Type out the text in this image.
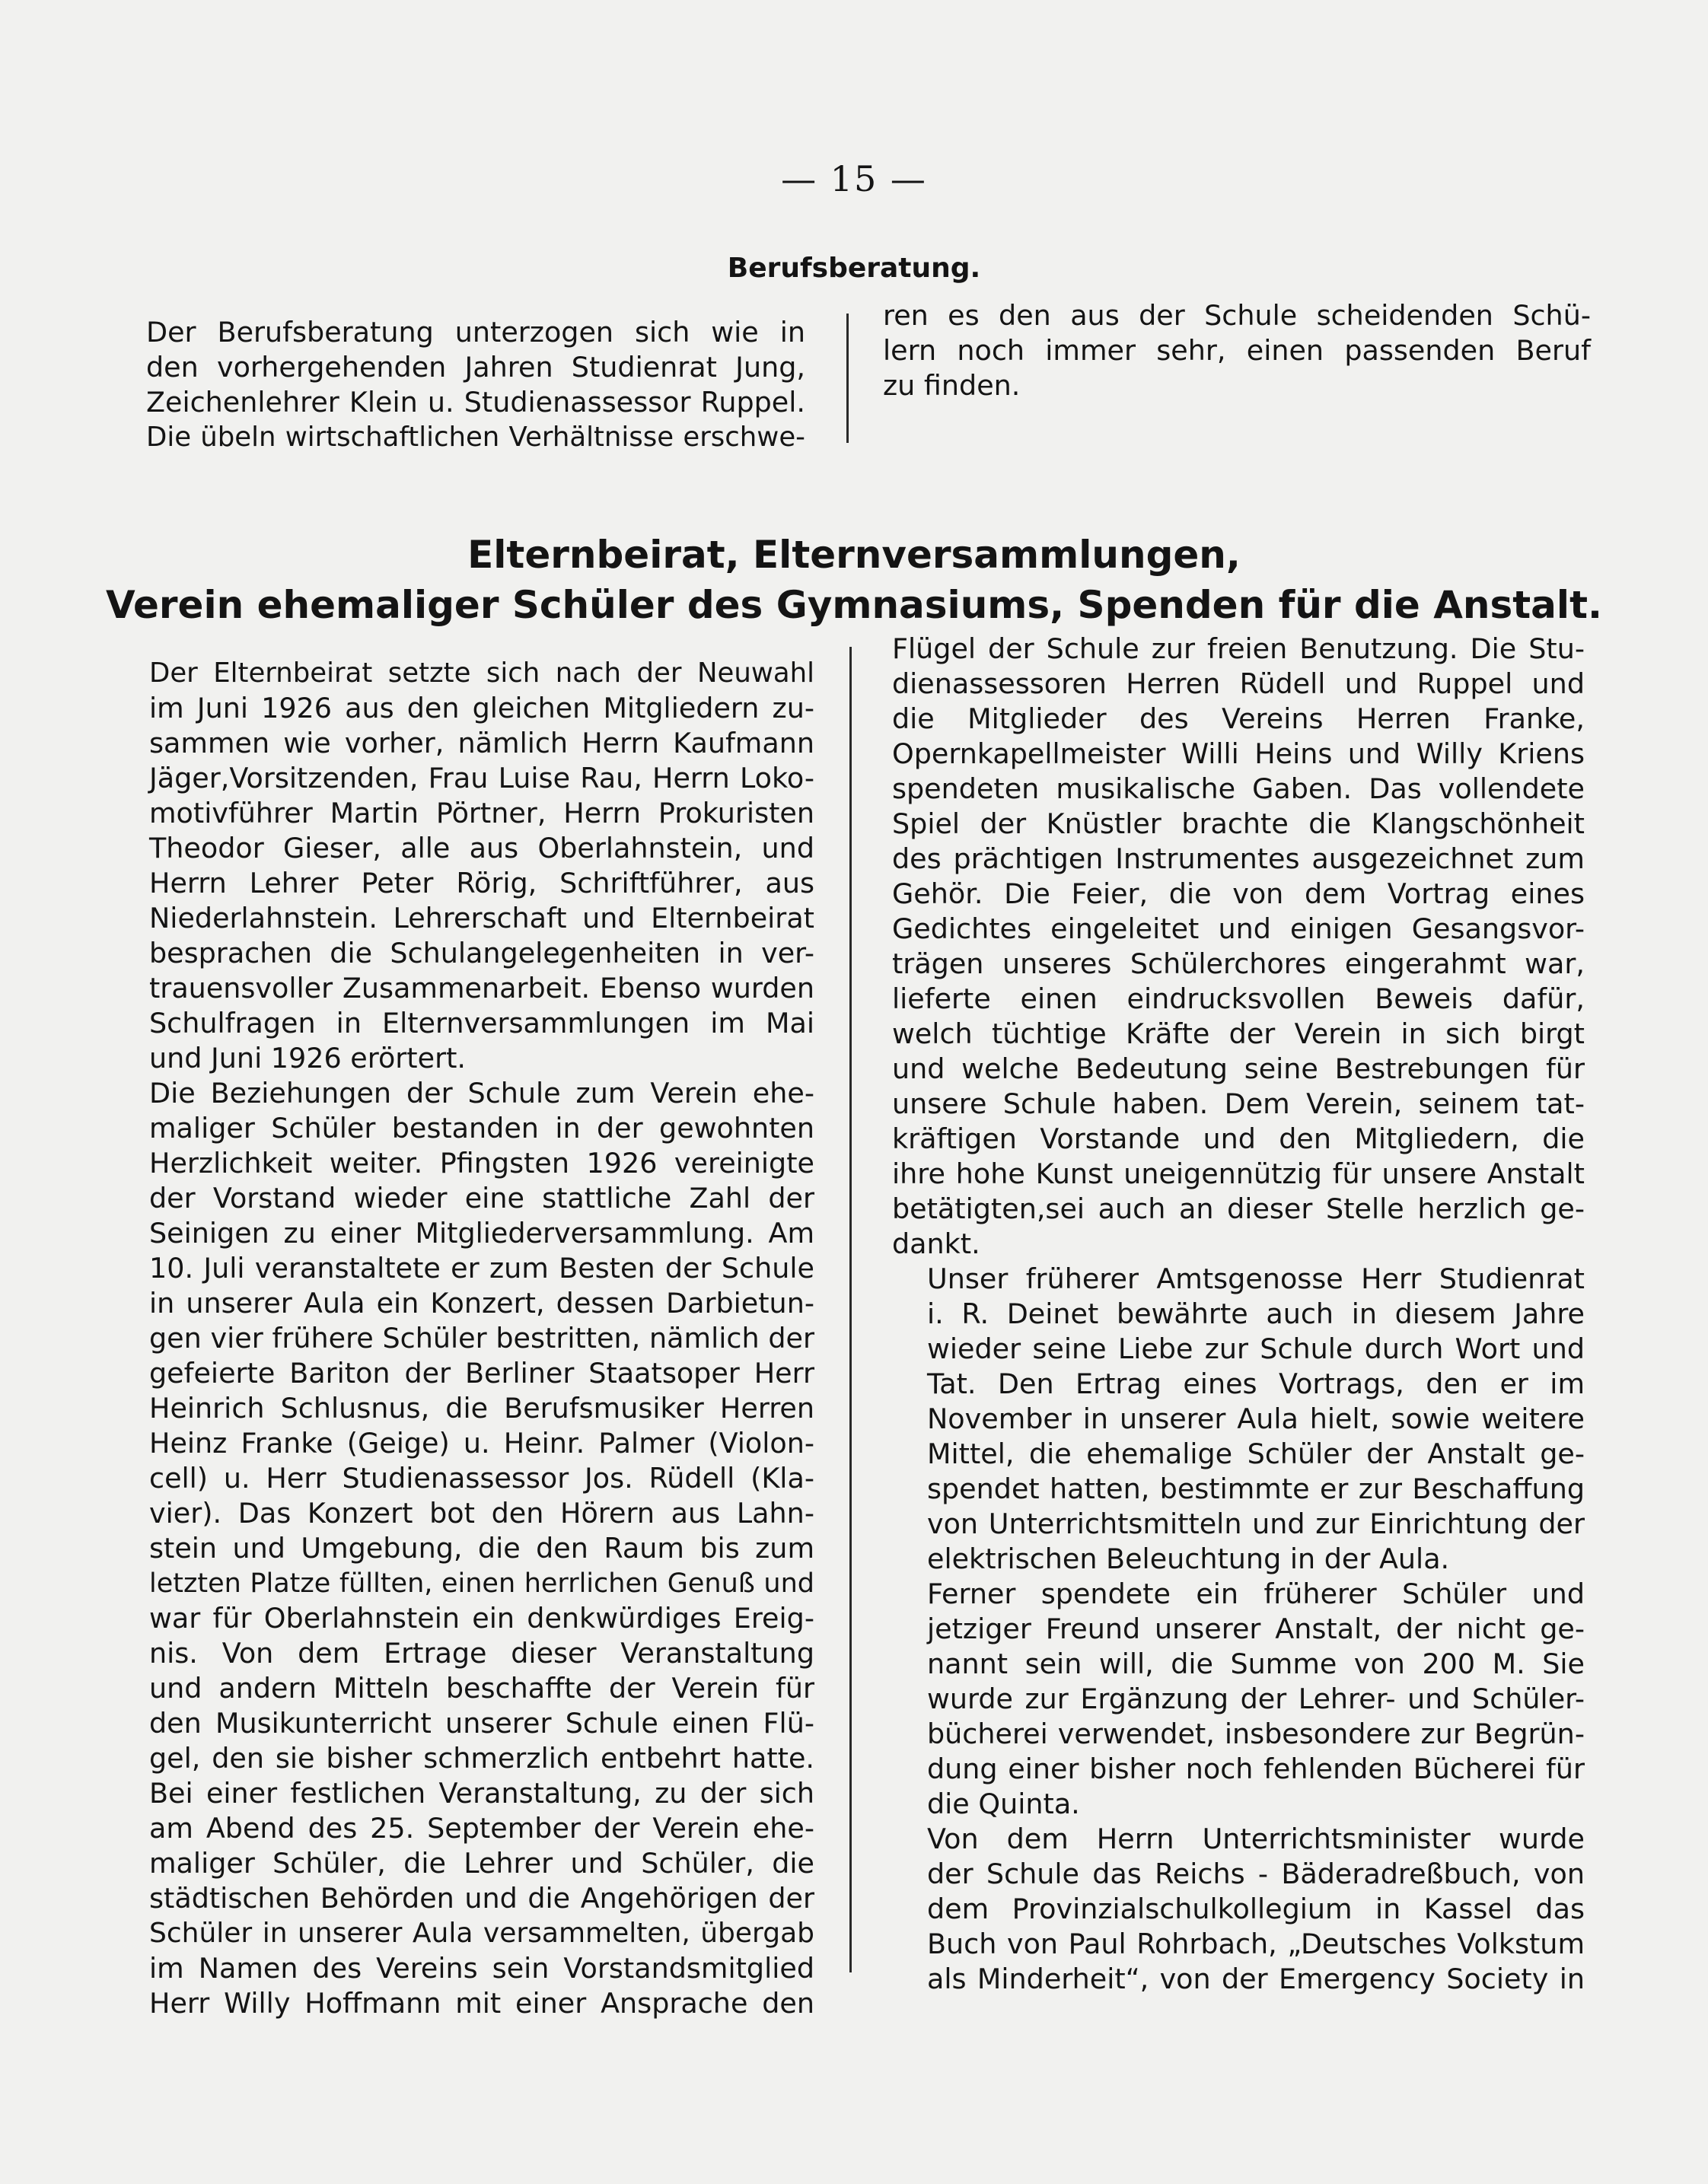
— 15 —
Berufsberatung.

Der Berufsberatung unterzogen sich wie in
den vorhergehenden Jahren Studienrat Jung,
Zeichenlehrer Klein u. Studienassessor Ruppel.
Die übeln wirtschaftlichen Verhältnisse erschwe-

ren es den aus der Schule scheidenden Schü-
lern noch immer sehr, einen passenden Beruf
zu finden.

Elternbeirat, Elternversammlungen,
Verein ehemaliger Schüler des Gymnasiums, Spenden für die Anstalt.

Der Elternbeirat setzte sich nach der Neuwahl
im Juni 1926 aus den gleichen Mitgliedern zu-
sammen wie vorher, nämlich Herrn Kaufmann
Jäger,Vorsitzenden, Frau Luise Rau, Herrn Loko-
motivführer Martin Pörtner, Herrn Prokuristen
Theodor Gieser, alle aus Oberlahnstein, und
Herrn Lehrer Peter Rörig, Schriftführer, aus
Niederlahnstein. Lehrerschaft und Elternbeirat
besprachen die Schulangelegenheiten in ver-
trauensvoller Zusammenarbeit. Ebenso wurden
Schulfragen in Elternversammlungen im Mai
und Juni 1926 erörtert.

Die Beziehungen der Schule zum Verein ehe-
maliger Schüler bestanden in der gewohnten
Herzlichkeit weiter. Pfingsten 1926 vereinigte
der Vorstand wieder eine stattliche Zahl der
Seinigen zu einer Mitgliederversammlung. Am
10. Juli veranstaltete er zum Besten der Schule
in unserer Aula ein Konzert, dessen Darbietun-
gen vier frühere Schüler bestritten, nämlich der
gefeierte Bariton der Berliner Staatsoper Herr
Heinrich Schlusnus, die Berufsmusiker Herren
Heinz Franke (Geige) u. Heinr. Palmer (Violon-
cell) u. Herr Studienassessor Jos. Rüdell (Kla-
vier). Das Konzert bot den Hörern aus Lahn-
stein und Umgebung, die den Raum bis zum
letzten Platze füllten, einen herrlichen Genuß und
war für Oberlahnstein ein denkwürdiges Ereig-
nis. Von dem Ertrage dieser Veranstaltung
und andern Mitteln beschaffte der Verein für
den Musikunterricht unserer Schule einen Flü-
gel, den sie bisher schmerzlich entbehrt hatte.
Bei einer festlichen Veranstaltung, zu der sich
am Abend des 25. September der Verein ehe-
maliger Schüler, die Lehrer und Schüler, die
städtischen Behörden und die Angehörigen der
Schüler in unserer Aula versammelten, übergab
im Namen des Vereins sein Vorstandsmitglied
Herr Willy Hoffmann mit einer Ansprache den

Flügel der Schule zur freien Benutzung. Die Stu-
dienassessoren Herren Rüdell und Ruppel und
die Mitglieder des Vereins Herren Franke,
Opernkapellmeister Willi Heins und Willy Kriens
spendeten musikalische Gaben. Das vollendete
Spiel der Knüstler brachte die Klangschönheit
des prächtigen Instrumentes ausgezeichnet zum
Gehör. Die Feier, die von dem Vortrag eines
Gedichtes eingeleitet und einigen Gesangsvor-
trägen unseres Schülerchores eingerahmt war,
lieferte einen eindrucksvollen Beweis dafür,
welch tüchtige Kräfte der Verein in sich birgt
und welche Bedeutung seine Bestrebungen für
unsere Schule haben. Dem Verein, seinem tat-
kräftigen Vorstande und den Mitgliedern, die
ihre hohe Kunst uneigennützig für unsere Anstalt
betätigten,sei auch an dieser Stelle herzlich ge-
dankt.

Unser früherer Amtsgenosse Herr Studienrat
i. R. Deinet bewährte auch in diesem Jahre
wieder seine Liebe zur Schule durch Wort und
Tat. Den Ertrag eines Vortrags, den er im
November in unserer Aula hielt, sowie weitere
Mittel, die ehemalige Schüler der Anstalt ge-
spendet hatten, bestimmte er zur Beschaffung
von Unterrichtsmitteln und zur Einrichtung der
elektrischen Beleuchtung in der Aula.

Ferner spendete ein früherer Schüler und
jetziger Freund unserer Anstalt, der nicht ge-
nannt sein will, die Summe von 200 M. Sie
wurde zur Ergänzung der Lehrer- und Schüler-
bücherei verwendet, insbesondere zur Begrün-
dung einer bisher noch fehlenden Bücherei für
die Quinta.

Von dem Herrn Unterrichtsminister wurde
der Schule das Reichs - Bäderadreßbuch, von
dem Provinzialschulkollegium in Kassel das
Buch von Paul Rohrbach, „Deutsches Volkstum
als Minderheit“, von der Emergency Society in
